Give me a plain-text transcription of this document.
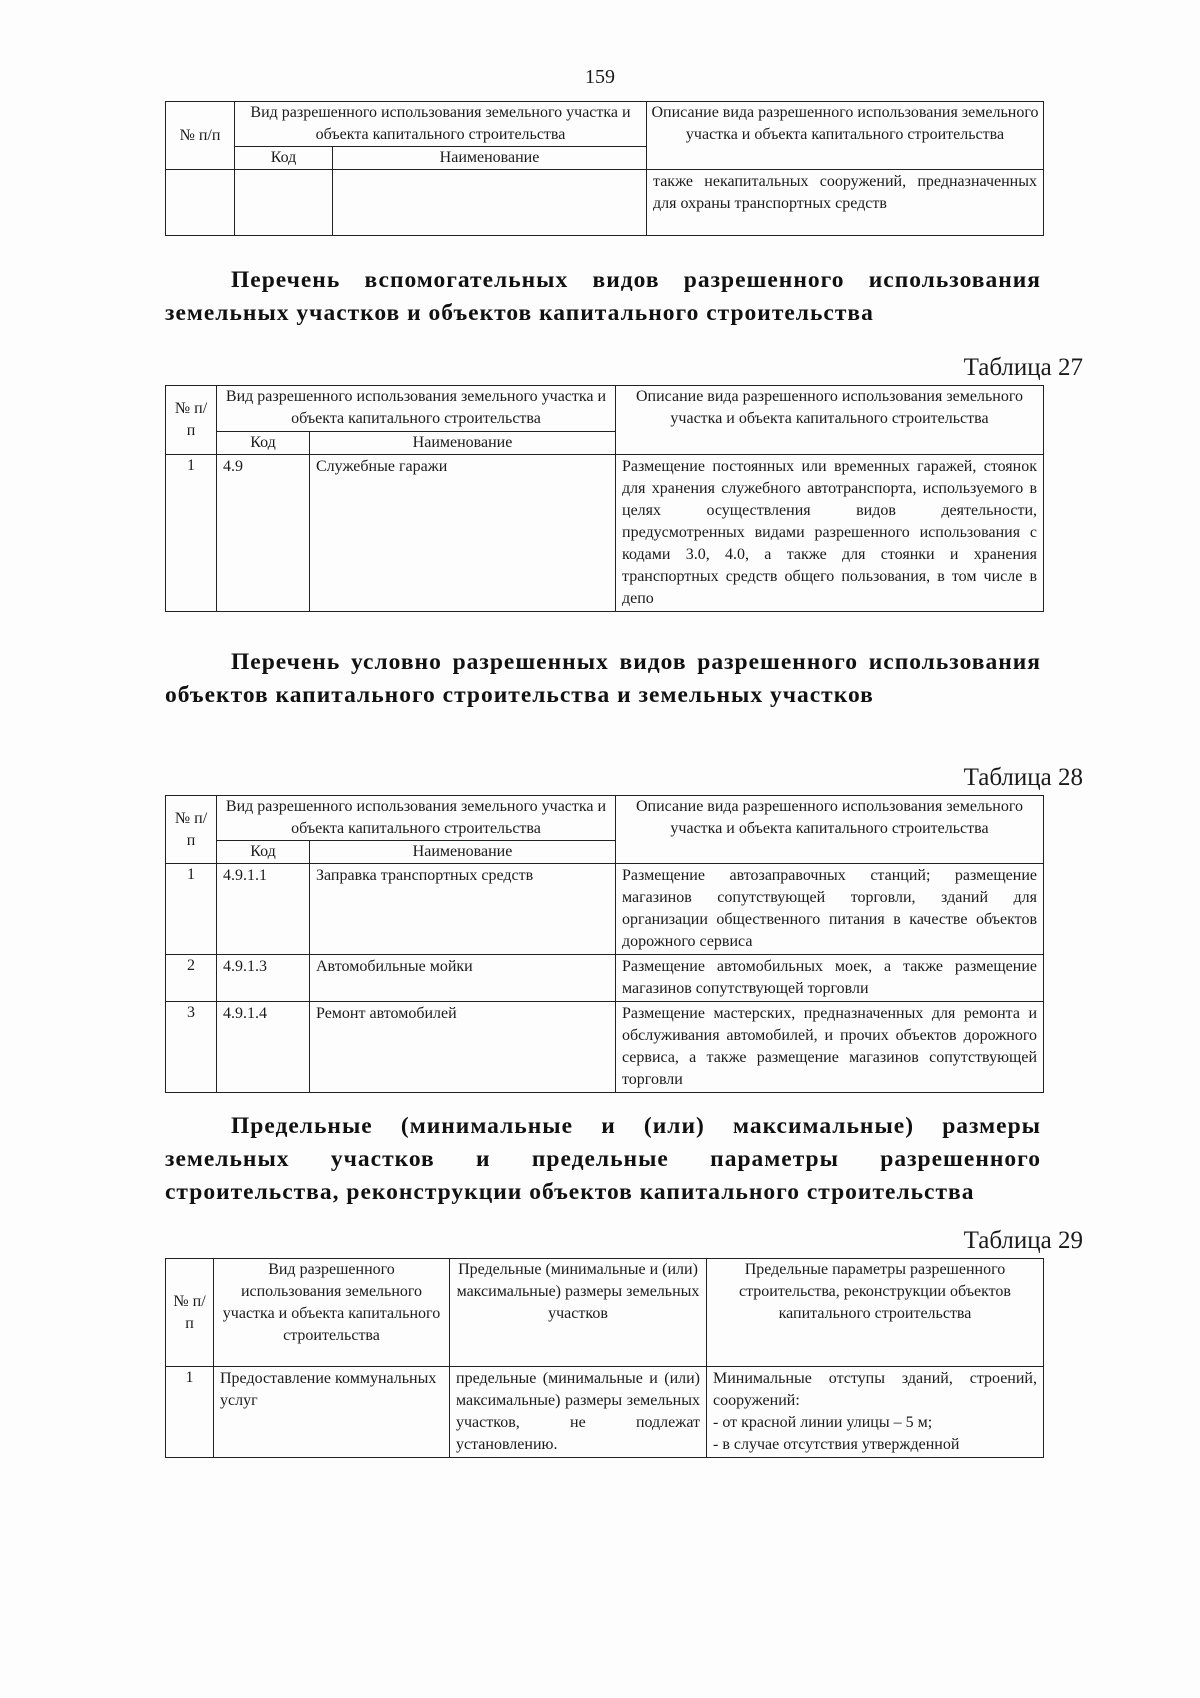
159
№ п/п	Вид разрешенного использования земельного участка и объекта капитального строительства		Описание вида разрешенного использования земельного участка и объекта капитального строительства
	Код	Наименование	
			также некапитальных сооружений, предназначенных для охраны транспортных средств
Перечень вспомогательных видов разрешенного использования земельных участков и объектов капитального строительства
Таблица 27
№ п/п	Вид разрешенного использования земельного участка и объекта капитального строительства		Описание вида разрешенного использования земельного участка и объекта капитального строительства
	Код	Наименование	
1	4.9	Служебные гаражи	Размещение постоянных или временных гаражей, стоянок для хранения служебного автотранспорта, используемого в целях осуществления видов деятельности, предусмотренных видами разрешенного использования с кодами 3.0, 4.0, а также для стоянки и хранения транспортных средств общего пользования, в том числе в депо
Перечень условно разрешенных видов разрешенного использования объектов капитального строительства и земельных участков
Таблица 28
№ п/п	Вид разрешенного использования земельного участка и объекта капитального строительства		Описание вида разрешенного использования земельного участка и объекта капитального строительства
	Код	Наименование	
1	4.9.1.1	Заправка транспортных средств	Размещение автозаправочных станций; размещение магазинов сопутствующей торговли, зданий для организации общественного питания в качестве объектов дорожного сервиса
2	4.9.1.3	Автомобильные мойки	Размещение автомобильных моек, а также размещение магазинов сопутствующей торговли
3	4.9.1.4	Ремонт автомобилей	Размещение мастерских, предназначенных для ремонта и обслуживания автомобилей, и прочих объектов дорожного сервиса, а также размещение магазинов сопутствующей торговли
Предельные (минимальные и (или) максимальные) размеры земельных участков и предельные параметры разрешенного строительства, реконструкции объектов капитального строительства
Таблица 29
№ п/п	Вид разрешенного использования земельного участка и объекта капитального строительства	Предельные (минимальные и (или) максимальные) размеры земельных участков	Предельные параметры разрешенного строительства, реконструкции объектов капитального строительства
1	Предоставление коммунальных услуг	предельные (минимальные и (или) максимальные) размеры земельных участков, не подлежат установлению.	Минимальные отступы зданий, строений, сооружений:
- от красной линии улицы – 5 м;
- в случае отсутствия утвержденной
